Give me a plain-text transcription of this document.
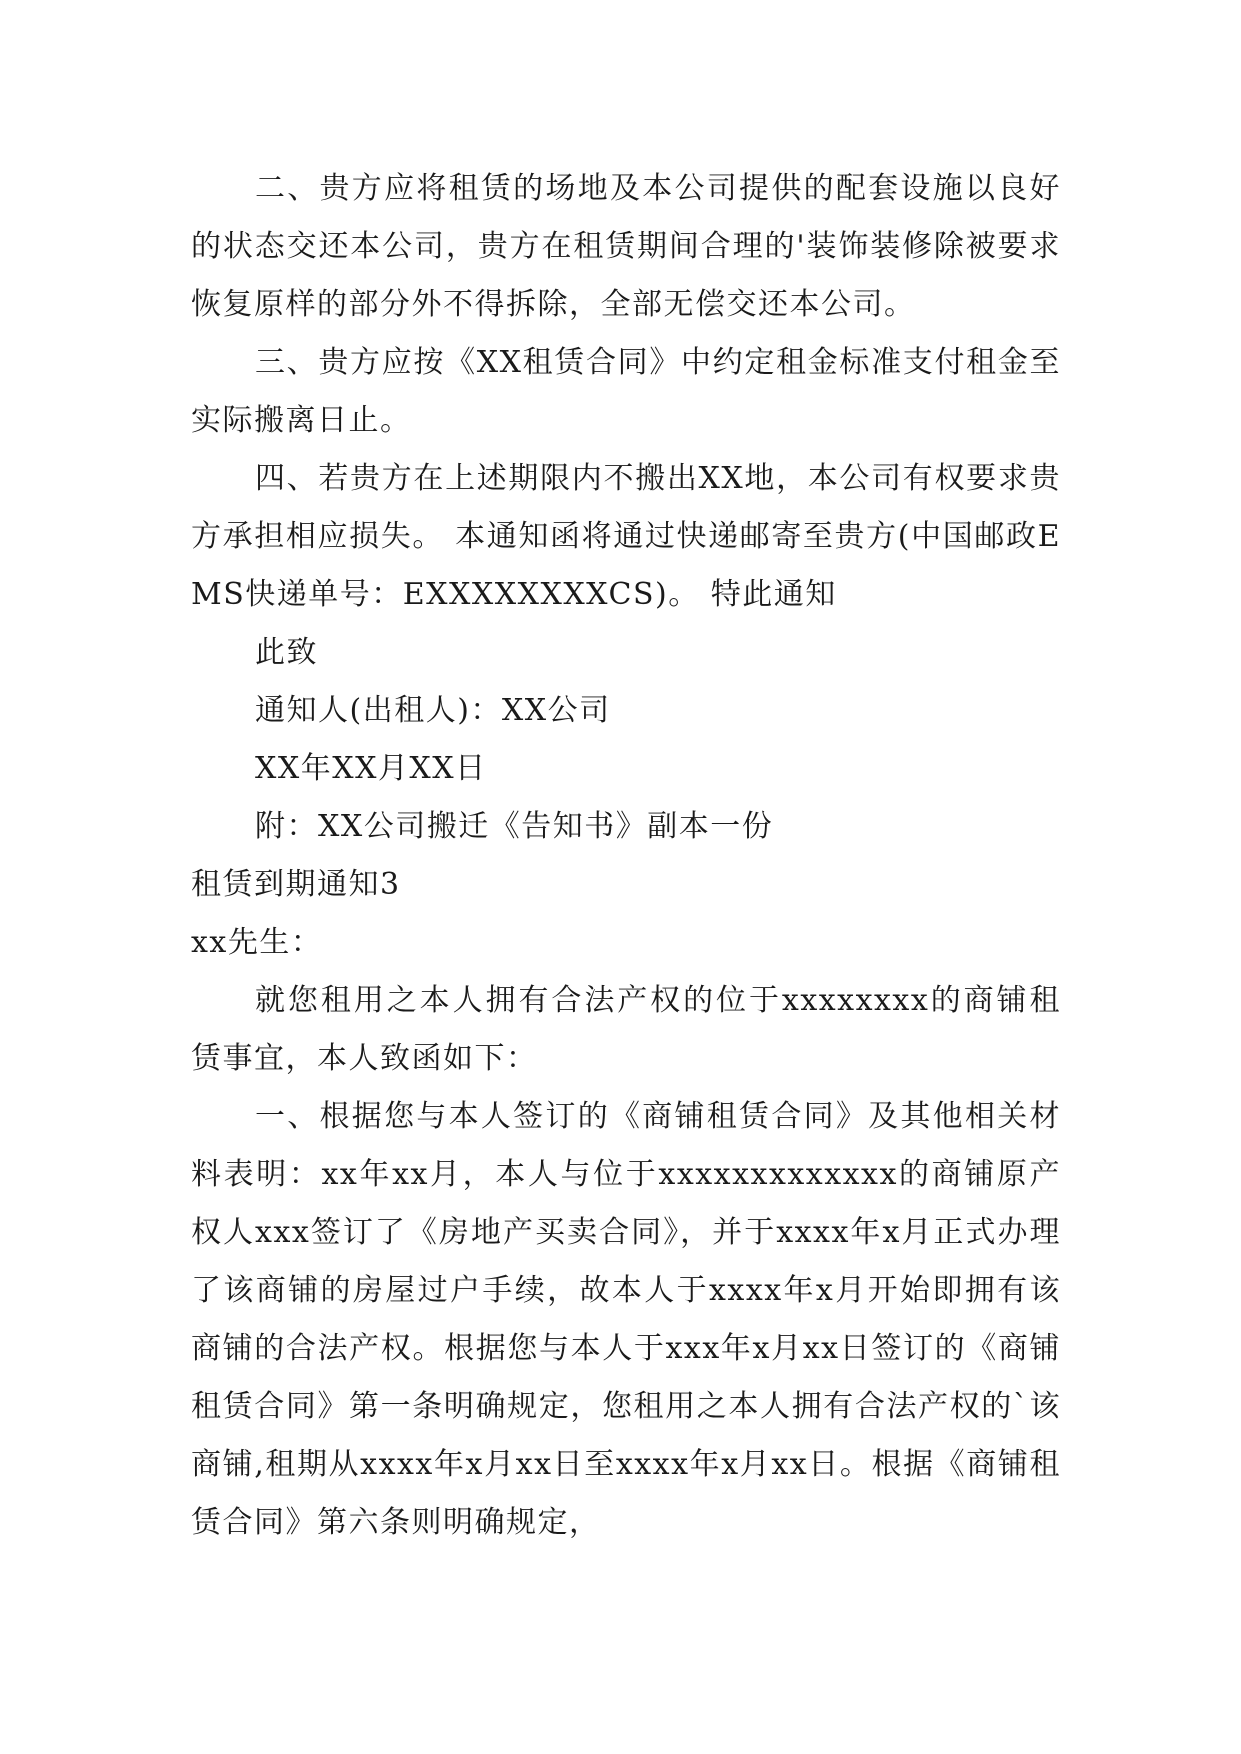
二、贵方应将租赁的场地及本公司提供的配套设施以良好的状态交还本公司，贵方在租赁期间合理的'装饰装修除被要求恢复原样的部分外不得拆除，全部无偿交还本公司。

三、贵方应按《XX租赁合同》中约定租金标准支付租金至实际搬离日止。

四、若贵方在上述期限内不搬出XX地，本公司有权要求贵方承担相应损失。 本通知函将通过快递邮寄至贵方(中国邮政EMS快递单号：EXXXXXXXXCS)。 特此通知

此致

通知人(出租人)：XX公司

XX年XX月XX日

附：XX公司搬迁《告知书》副本一份

租赁到期通知3

xx先生：

就您租用之本人拥有合法产权的位于xxxxxxxx的商铺租赁事宜，本人致函如下：

一、根据您与本人签订的《商铺租赁合同》及其他相关材料表明：xx年xx月，本人与位于xxxxxxxxxxxxx的商铺原产权人xxx签订了《房地产买卖合同》，并于xxxx年x月正式办理了该商铺的房屋过户手续，故本人于xxxx年x月开始即拥有该商铺的合法产权。根据您与本人于xxx年x月xx日签订的《商铺租赁合同》第一条明确规定，您租用之本人拥有合法产权的`该商铺,租期从xxxx年x月xx日至xxxx年x月xx日。根据《商铺租赁合同》第六条则明确规定，
